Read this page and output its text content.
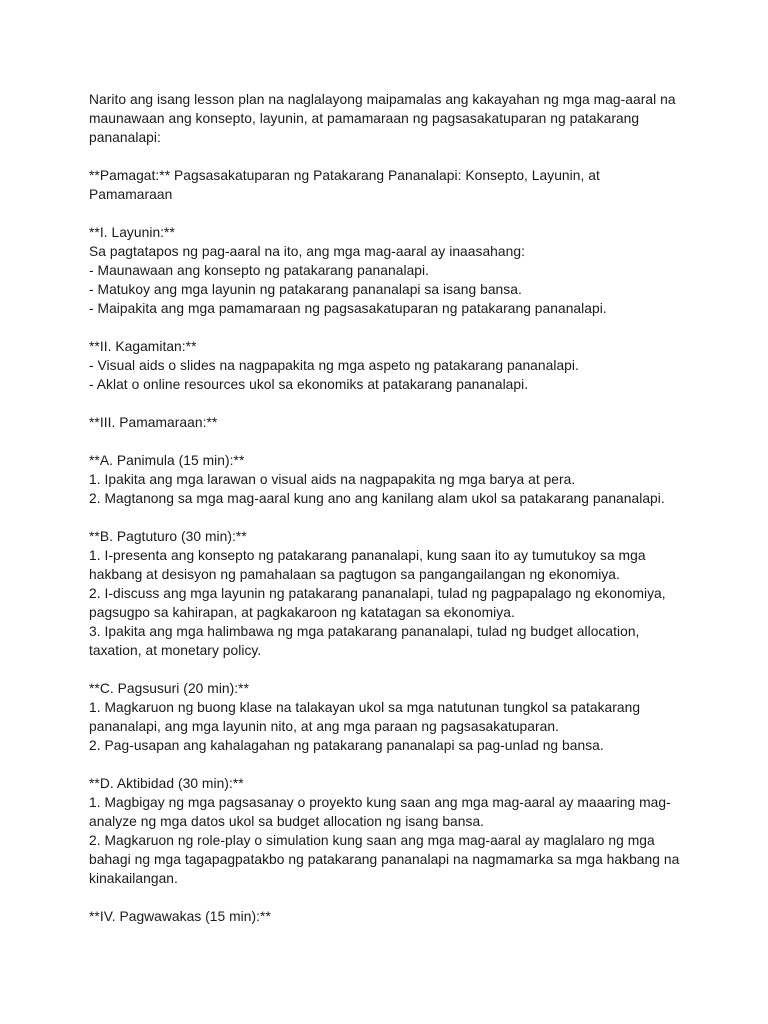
Narito ang isang lesson plan na naglalayong maipamalas ang kakayahan ng mga mag-aaral na
maunawaan ang konsepto, layunin, at pamamaraan ng pagsasakatuparan ng patakarang
pananalapi:
**Pamagat:** Pagsasakatuparan ng Patakarang Pananalapi: Konsepto, Layunin, at
Pamamaraan
**I. Layunin:**
Sa pagtatapos ng pag-aaral na ito, ang mga mag-aaral ay inaasahang:
- Maunawaan ang konsepto ng patakarang pananalapi.
- Matukoy ang mga layunin ng patakarang pananalapi sa isang bansa.
- Maipakita ang mga pamamaraan ng pagsasakatuparan ng patakarang pananalapi.
**II. Kagamitan:**
- Visual aids o slides na nagpapakita ng mga aspeto ng patakarang pananalapi.
- Aklat o online resources ukol sa ekonomiks at patakarang pananalapi.
**III. Pamamaraan:**
**A. Panimula (15 min):**
1. Ipakita ang mga larawan o visual aids na nagpapakita ng mga barya at pera.
2. Magtanong sa mga mag-aaral kung ano ang kanilang alam ukol sa patakarang pananalapi.
**B. Pagtuturo (30 min):**
1. I-presenta ang konsepto ng patakarang pananalapi, kung saan ito ay tumutukoy sa mga
hakbang at desisyon ng pamahalaan sa pagtugon sa pangangailangan ng ekonomiya.
2. I-discuss ang mga layunin ng patakarang pananalapi, tulad ng pagpapalago ng ekonomiya,
pagsugpo sa kahirapan, at pagkakaroon ng katatagan sa ekonomiya.
3. Ipakita ang mga halimbawa ng mga patakarang pananalapi, tulad ng budget allocation,
taxation, at monetary policy.
**C. Pagsusuri (20 min):**
1. Magkaruon ng buong klase na talakayan ukol sa mga natutunan tungkol sa patakarang
pananalapi, ang mga layunin nito, at ang mga paraan ng pagsasakatuparan.
2. Pag-usapan ang kahalagahan ng patakarang pananalapi sa pag-unlad ng bansa.
**D. Aktibidad (30 min):**
1. Magbigay ng mga pagsasanay o proyekto kung saan ang mga mag-aaral ay maaaring mag-
analyze ng mga datos ukol sa budget allocation ng isang bansa.
2. Magkaruon ng role-play o simulation kung saan ang mga mag-aaral ay maglalaro ng mga
bahagi ng mga tagapagpatakbo ng patakarang pananalapi na nagmamarka sa mga hakbang na
kinakailangan.
**IV. Pagwawakas (15 min):**
